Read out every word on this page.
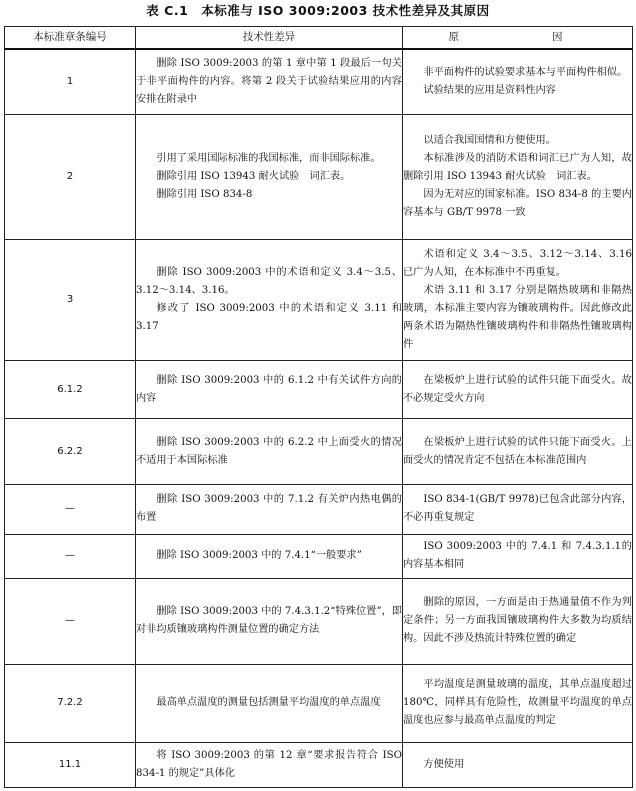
表 C.1　本标准与 ISO 3009:2003 技术性差异及其原因
本标准章条编号	技术性差异	原　　因
1	删除 ISO 3009:2003 的第 1 章中第 1 段最后一句关于非平面构件的内容。将第 2 段关于试验结果应用的内容安排在附录中	非平面构件的试验要求基本与平面构件相似。
试验结果的应用是资料性内容

2	引用了采用国际标准的我国标准，而非国际标准。
删除引用 ISO 13943 耐火试验　词汇表。
删除引用 ISO 834-8	以适合我国国情和方便使用。
本标准涉及的消防术语和词汇已广为人知，故删除引用 ISO 13943 耐火试验　词汇表。
因为无对应的国家标准。ISO 834-8 的主要内容基本与 GB/T 9978 一致

3	删除 ISO 3009:2003 中的术语和定义 3.4～3.5、3.12～3.14、3.16。
修改了 ISO 3009:2003 中的术语和定义 3.11 和 3.17	术语和定义 3.4～3.5、3.12～3.14、3.16 已广为人知，在本标准中不再重复。
术语 3.11 和 3.17 分别是隔热玻璃和非隔热玻璃，本标准主要内容为镶玻璃构件。因此修改此两条术语为隔热性镶玻璃构件和非隔热性镶玻璃构件

6.1.2	删除 ISO 3009:2003 中的 6.1.2 中有关试件方向的内容	在梁板炉上进行试验的试件只能下面受火。故不必规定受火方向

6.2.2	删除 ISO 3009:2003 中的 6.2.2 中上面受火的情况不适用于本国际标准	在梁板炉上进行试验的试件只能下面受火。上面受火的情况肯定不包括在本标准范围内

—	删除 ISO 3009:2003 中的 7.1.2 有关炉内热电偶的布置	ISO 834-1(GB/T 9978)已包含此部分内容，不必再重复规定

—	删除 ISO 3009:2003 中的 7.4.1“一般要求”	ISO 3009:2003 中的 7.4.1 和 7.4.3.1.1的内容基本相同

—	删除 ISO 3009:2003 中的 7.4.3.1.2“特殊位置”，即对非均质镶玻璃构件测量位置的确定方法	删除的原因，一方面是由于热通量值不作为判定条件；另一方面我国镶玻璃构件大多数为均质结构。因此不涉及热流计特殊位置的确定

7.2.2	最高单点温度的测量包括测量平均温度的单点温度	平均温度是测量玻璃的温度，其单点温度超过 180℃，同样具有危险性，故测量平均温度的单点温度也应参与最高单点温度的判定

11.1	将 ISO 3009:2003 的第 12 章“要求报告符合 ISO 834-1 的规定”具体化	方便使用
